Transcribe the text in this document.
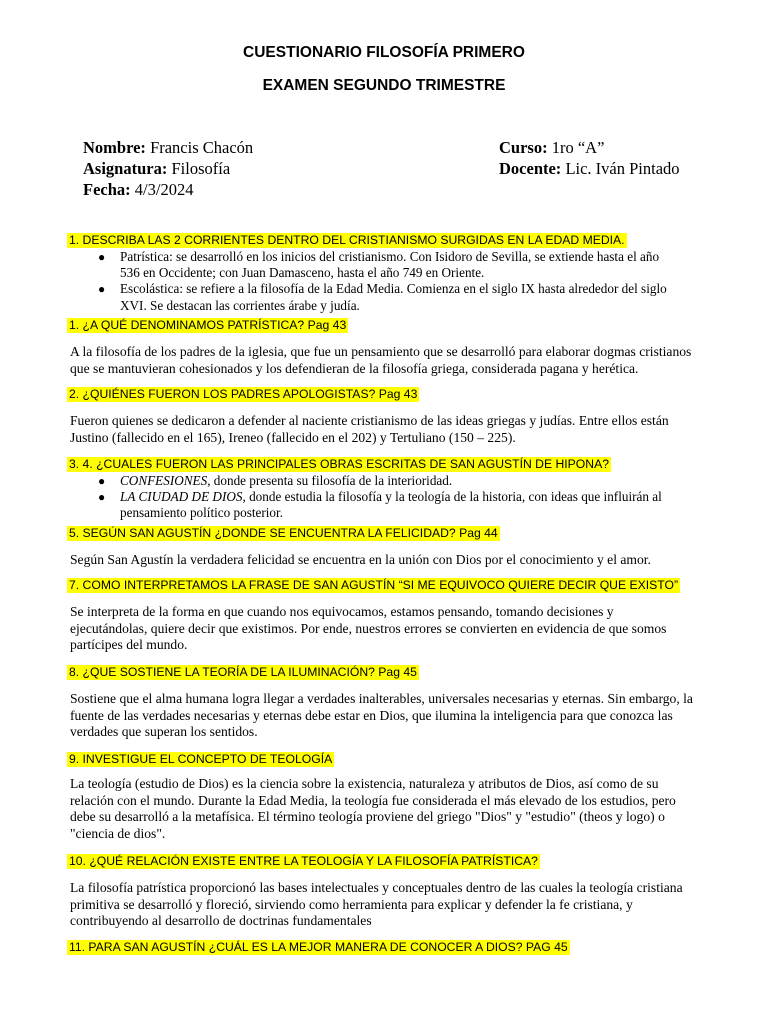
CUESTIONARIO FILOSOFÍA PRIMERO
EXAMEN SEGUNDO TRIMESTRE
Nombre: Francis Chacón
Asignatura: Filosofía
Fecha: 4/3/2024
Curso: 1ro “A”
Docente: Lic. Iván Pintado
1. DESCRIBA LAS 2 CORRIENTES DENTRO DEL CRISTIANISMO SURGIDAS EN LA EDAD MEDIA.
● Patrística: se desarrolló en los inicios del cristianismo. Con Isidoro de Sevilla, se extiende hasta el año
536 en Occidente; con Juan Damasceno, hasta el año 749 en Oriente.
● Escolástica: se refiere a la filosofía de la Edad Media. Comienza en el siglo IX hasta alrededor del siglo
XVI. Se destacan las corrientes árabe y judía.
1. ¿A QUÉ DENOMINAMOS PATRÍSTICA? Pag 43
A la filosofía de los padres de la iglesia, que fue un pensamiento que se desarrolló para elaborar dogmas cristianos
que se mantuvieran cohesionados y los defendieran de la filosofía griega, considerada pagana y herética.
2. ¿QUIÉNES FUERON LOS PADRES APOLOGISTAS? Pag 43
Fueron quienes se dedicaron a defender al naciente cristianismo de las ideas griegas y judías. Entre ellos están
Justino (fallecido en el 165), Ireneo (fallecido en el 202) y Tertuliano (150 – 225).
3. 4. ¿CUALES FUERON LAS PRINCIPALES OBRAS ESCRITAS DE SAN AGUSTÍN DE HIPONA?
● CONFESIONES, donde presenta su filosofía de la interioridad.
● LA CIUDAD DE DIOS, donde estudia la filosofía y la teología de la historia, con ideas que influirán al
pensamiento político posterior.
5. SEGÚN SAN AGUSTÍN ¿DONDE SE ENCUENTRA LA FELICIDAD? Pag 44
Según San Agustín la verdadera felicidad se encuentra en la unión con Dios por el conocimiento y el amor.
7. COMO INTERPRETAMOS LA FRASE DE SAN AGUSTÍN “SI ME EQUIVOCO QUIERE DECIR QUE EXISTO”
Se interpreta de la forma en que cuando nos equivocamos, estamos pensando, tomando decisiones y
ejecutándolas, quiere decir que existimos. Por ende, nuestros errores se convierten en evidencia de que somos
partícipes del mundo.
8. ¿QUE SOSTIENE LA TEORÍA DE LA ILUMINACIÓN? Pag 45
Sostiene que el alma humana logra llegar a verdades inalterables, universales necesarias y eternas. Sin embargo, la
fuente de las verdades necesarias y eternas debe estar en Dios, que ilumina la inteligencia para que conozca las
verdades que superan los sentidos.
9. INVESTIGUE EL CONCEPTO DE TEOLOGÍA
La teología (estudio de Dios) es la ciencia sobre la existencia, naturaleza y atributos de Dios, así como de su
relación con el mundo. Durante la Edad Media, la teología fue considerada el más elevado de los estudios, pero
debe su desarrolló a la metafísica. El término teología proviene del griego "Dios" y "estudio" (theos y logo) o
"ciencia de dios".
10. ¿QUÉ RELACIÓN EXISTE ENTRE LA TEOLOGÍA Y LA FILOSOFÍA PATRÍSTICA?
La filosofía patrística proporcionó las bases intelectuales y conceptuales dentro de las cuales la teología cristiana
primitiva se desarrolló y floreció, sirviendo como herramienta para explicar y defender la fe cristiana, y
contribuyendo al desarrollo de doctrinas fundamentales
11. PARA SAN AGUSTÍN ¿CUÁL ES LA MEJOR MANERA DE CONOCER A DIOS? PAG 45
